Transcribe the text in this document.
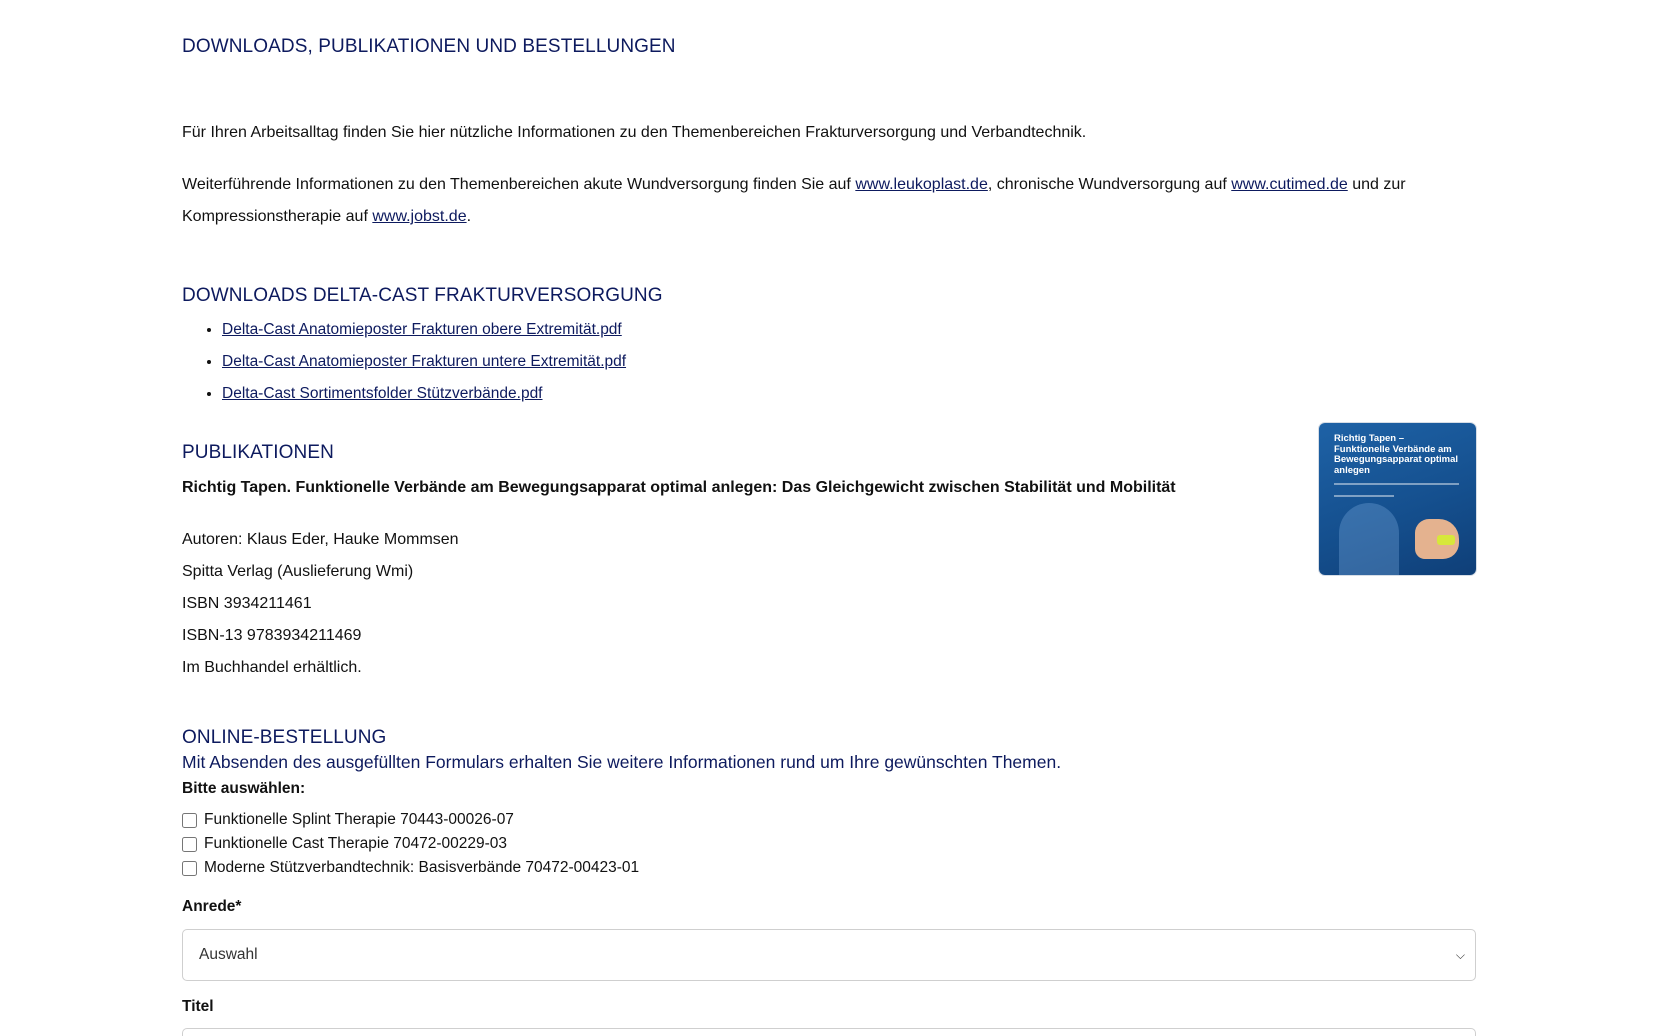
DOWNLOADS, PUBLIKATIONEN UND BESTELLUNGEN

Für Ihren Arbeitsalltag finden Sie hier nützliche Informationen zu den Themenbereichen Frakturversorgung und Verbandtechnik.

Weiterführende Informationen zu den Themenbereichen akute Wundversorgung finden Sie auf www.leukoplast.de, chronische Wundversorgung auf www.cutimed.de und zur Kompressionstherapie auf www.jobst.de.

DOWNLOADS DELTA-CAST FRAKTURVERSORGUNG
• Delta-Cast Anatomieposter Frakturen obere Extremität.pdf
• Delta-Cast Anatomieposter Frakturen untere Extremität.pdf
• Delta-Cast Sortimentsfolder Stützverbände.pdf
PUBLIKATIONEN

Richtig Tapen. Funktionelle Verbände am Bewegungsapparat optimal anlegen: Das Gleichgewicht zwischen Stabilität und Mobilität

Autoren: Klaus Eder, Hauke Mommsen

Spitta Verlag (Auslieferung Wmi)

ISBN 3934211461

ISBN-13 9783934211469

Im Buchhandel erhältlich.

Richtig Tapen – Funktionelle Verbände am Bewegungsapparat optimal anlegen
ONLINE-BESTELLUNG

Mit Absenden des ausgefüllten Formulars erhalten Sie weitere Informationen rund um Ihre gewünschten Themen.

Bitte auswählen:

Funktionelle Splint Therapie 70443-00026-07
Funktionelle Cast Therapie 70472-00229-03
Moderne Stützverbandtechnik: Basisverbände 70472-00423-01

Anrede*

Auswahl	⌵

Titel
